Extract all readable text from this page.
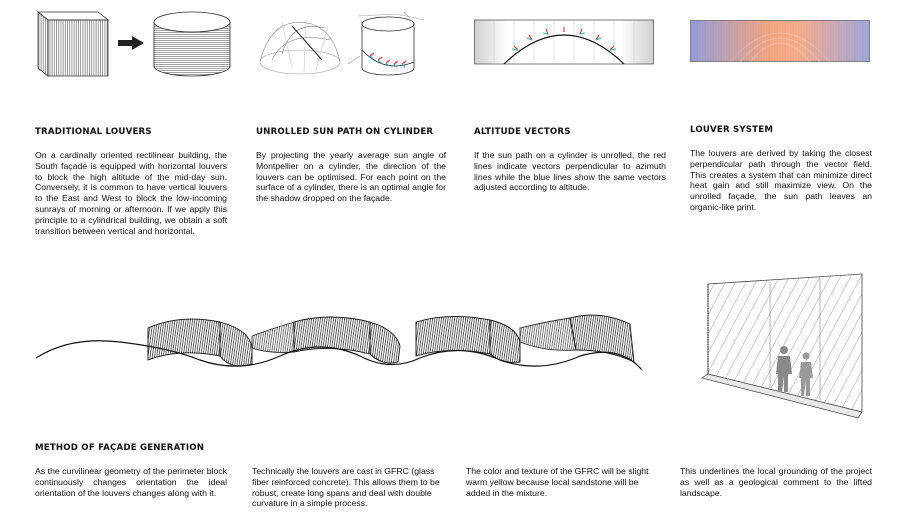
TRADITIONAL LOUVERS
On a cardinally oriented rectilinear building, the South façade is equipped with horizontal louvers to block the high altitude of the mid-day sun. Conversely, it is common to have vertical louvers to the East and West to block the low-incoming sunrays of morning or afternoon. If we apply this principle to a cylindrical building, we obtain a soft transition between vertical and horizontal.
UNROLLED SUN PATH ON CYLINDER
By projecting the yearly average sun angle of Montpellier on a cylinder, the direction of the louvers can be optimised. For each point on the surface of a cylinder, there is an optimal angle for the shadow dropped on the façade.
ALTITUDE VECTORS
If the sun path on a cylinder is unrolled, the red lines indicate vectors perpendicular to azimuth lines while the blue lines show the same vectors adjusted according to altitude.
LOUVER SYSTEM
The louvers are derived by taking the closest perpendicular path through the vector field. This creates a system that can minimize direct heat gain and still maximize view. On the unrolled façade, the sun path leaves an organic-like print.
METHOD OF FAÇADE GENERATION
As the curvilinear geometry of the perimeter block continuously changes orientation the ideal orientation of the louvers changes along with it.
Technically the louvers are cast in GFRC (glass fiber reinforced concrete). This allows them to be robust, create long spans and deal with double curvature in a simple process.
The color and texture of the GFRC will be slight warm yellow because local sandstone will be added in the mixture.
This underlines the local grounding of the project as well as a geological comment to the lifted landscape.
